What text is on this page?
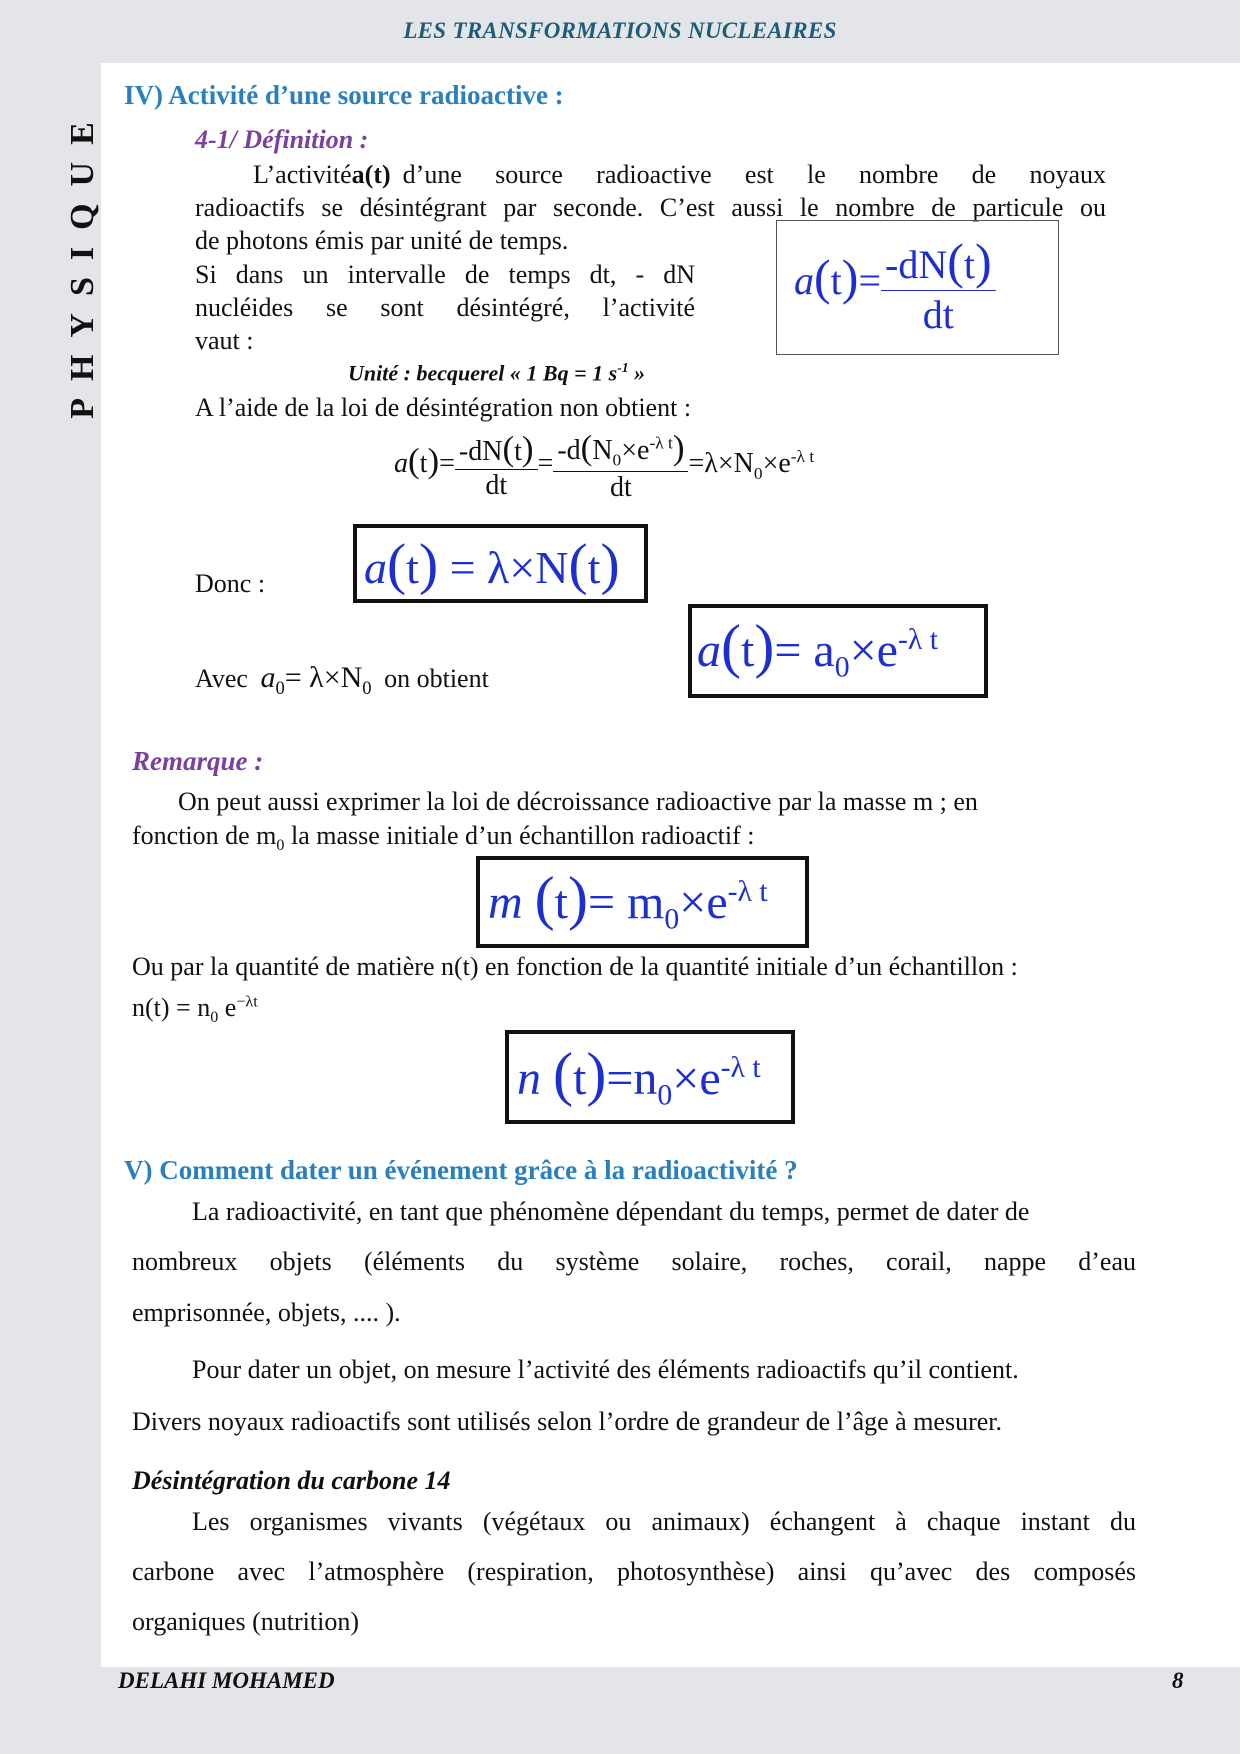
LES TRANSFORMATIONS NUCLEAIRES
PHYSIQUE
IV) Activité d’une source radioactive :
4-1/ Définition :
L’activité a(t) d’une source radioactive est le nombre de noyaux
radioactifs se désintégrant par seconde. C’est aussi le nombre de particule ou
de photons émis par unité de temps.
Si dans un intervalle de temps dt, - dN
nucléides se sont désintégré, l’activité
vaut :
$a(t)= \frac{-dN(t)}{dt}$
Unité : becquerel « 1 Bq = 1 $s^{-1}$ »
A l’aide de la loi de désintégration non obtient :
$a(t)= \frac{-dN(t)}{dt} = \frac{-d(N_0\times e^{-\lambda t})}{dt} =\lambda\times N_0\times e^{-\lambda t}$
Donc : a(t) = λ×N(t)
Avec $a_0= \lambda\times N_0$ on obtient
$a(t)= a_0\times e^{-\lambda t}$
Remarque :
On peut aussi exprimer la loi de décroissance radioactive par la masse m ; en
fonction de $m_0$ la masse initiale d’un échantillon radioactif :
m $(t)= m_0\times e^{-\lambda t}$
Ou par la quantité de matière n(t) en fonction de la quantité initiale d’un échantillon :
$n(t) = n_0$ $e^{-\lambda t}$
n $(t)=n_0\times e^{-\lambda t}$
V) Comment dater un événement grâce à la radioactivité ?
La radioactivité, en tant que phénomène dépendant du temps, permet de dater de
nombreux objets (éléments du système solaire, roches, corail, nappe d’eau
emprisonnée, objets, .... ).
Pour dater un objet, on mesure l’activité des éléments radioactifs qu’il contient.
Divers noyaux radioactifs sont utilisés selon l’ordre de grandeur de l’âge à mesurer.
Désintégration du carbone 14
Les organismes vivants (végétaux ou animaux) échangent à chaque instant du
carbone avec l’atmosphère (respiration, photosynthèse) ainsi qu’avec des composés
organiques (nutrition)
DELAHI MOHAMED	8
